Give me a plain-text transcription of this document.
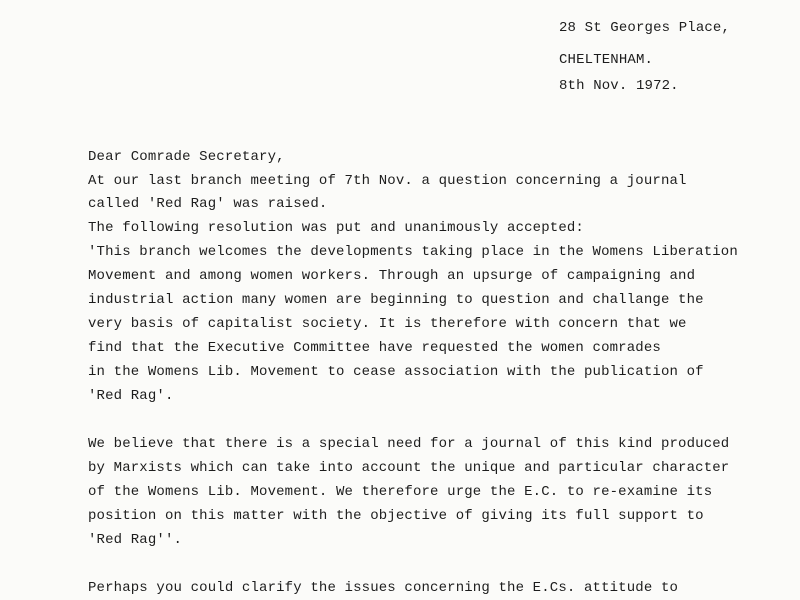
28 St Georges Place,
CHELTENHAM.
8th Nov. 1972.
Dear Comrade Secretary,
At our last branch meeting of 7th Nov. a question concerning a journal
called 'Red Rag' was raised.
The following resolution was put and unanimously accepted:
'This branch welcomes the developments taking place in the Womens Liberation
Movement and among women workers. Through an upsurge of campaigning and
industrial action many women are beginning to question and challange the
very basis of capitalist society. It is therefore with concern that we
find that the Executive Committee have requested the women comrades
in the Womens Lib. Movement to cease association with the publication of
'Red Rag'.
We believe that there is a special need for a journal of this kind produced
by Marxists which can take into account the unique and particular character
of the Womens Lib. Movement. We therefore urge the E.C. to re-examine its
position on this matter with the objective of giving its full support to
'Red Rag''.
Perhaps you could clarify the issues concerning the E.Cs. attitude to
